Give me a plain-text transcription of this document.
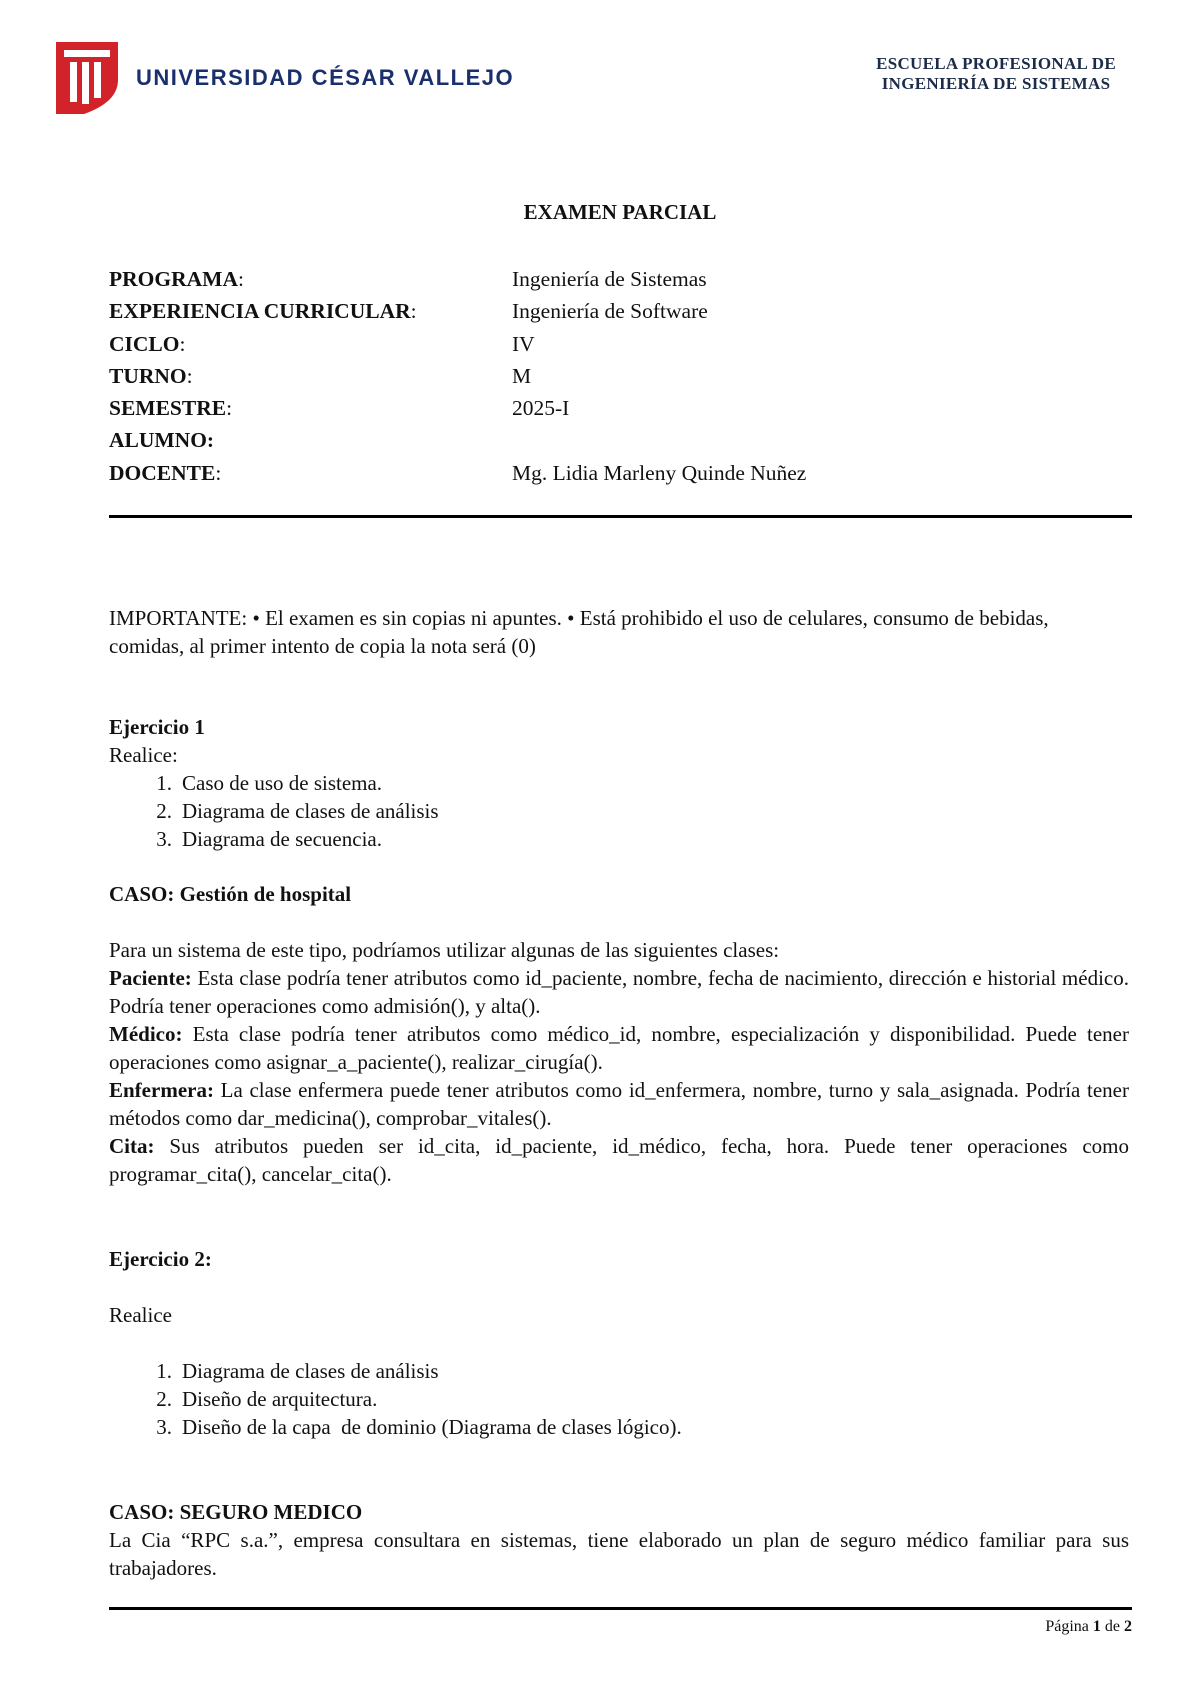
UNIVERSIDAD CÉSAR VALLEJO
ESCUELA PROFESIONAL DE
INGENIERÍA DE SISTEMAS
EXAMEN PARCIAL
PROGRAMA:	Ingeniería de Sistemas
EXPERIENCIA CURRICULAR:	Ingeniería de Software
CICLO:	IV
TURNO:	M
SEMESTRE:	2025-I
ALUMNO:
DOCENTE:	Mg. Lidia Marleny Quinde Nuñez
IMPORTANTE: • El examen es sin copias ni apuntes. • Está prohibido el uso de celulares, consumo de bebidas, comidas, al primer intento de copia la nota será (0)
Ejercicio 1
Realice:
1. Caso de uso de sistema.
2. Diagrama de clases de análisis
3. Diagrama de secuencia.
CASO: Gestión de hospital
Para un sistema de este tipo, podríamos utilizar algunas de las siguientes clases:
Paciente: Esta clase podría tener atributos como id_paciente, nombre, fecha de nacimiento, dirección e historial médico. Podría tener operaciones como admisión(), y alta().
Médico: Esta clase podría tener atributos como médico_id, nombre, especialización y disponibilidad. Puede tener operaciones como asignar_a_paciente(), realizar_cirugía().
Enfermera: La clase enfermera puede tener atributos como id_enfermera, nombre, turno y sala_asignada. Podría tener métodos como dar_medicina(), comprobar_vitales().
Cita: Sus atributos pueden ser id_cita, id_paciente, id_médico, fecha, hora. Puede tener operaciones como programar_cita(), cancelar_cita().
Ejercicio 2:
Realice
1. Diagrama de clases de análisis
2. Diseño de arquitectura.
3. Diseño de la capa  de dominio (Diagrama de clases lógico).
CASO: SEGURO MEDICO
La Cia “RPC s.a.”, empresa consultara en sistemas, tiene elaborado un plan de seguro médico familiar para sus trabajadores.
Página 1 de 2
